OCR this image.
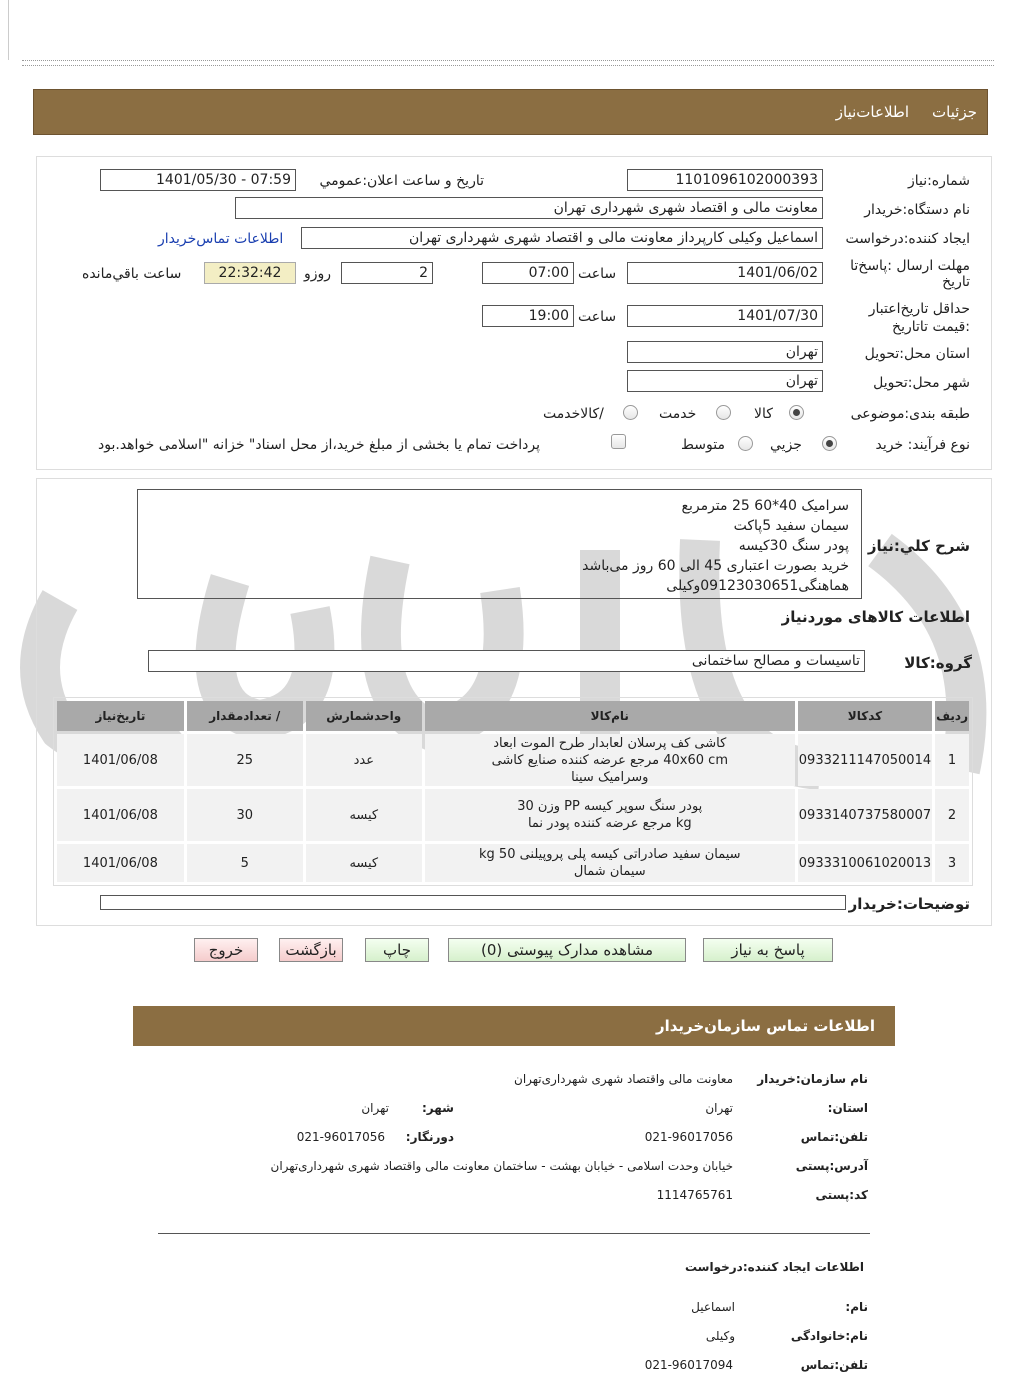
جزئیات
اطلاعات‌نیاز
شماره:نیاز
1101096102000393
تاریخ و ساعت اعلان:عمومي
1401/05/30 - 07:59
نام دستگاه:خریدار
معاونت مالی و اقتصاد شهری شهرداری تهران
ایجاد کننده:درخواست
اسماعیل وکیلی کارپرداز معاونت مالی و اقتصاد شهری شهرداری تهران
اطلاعات تماس‌خریدار
مهلت ارسال :پاسخ‌تا تاریخ
1401/06/02
ساعت
07:00
2
روزو
22:32:42
ساعت باقي‌مانده
حداقل تاریخ‌اعتبار :قیمت تا‌تاریخ
1401/07/30
ساعت
19:00
استان محل:تحویل
تهران
شهر محل:تحویل
تهران
طبقه بندی:موضوعی
كالا
خدمت
/كالاخدمت
نوع فرآیند: خرید
جزیي
متوسط
پرداخت تمام یا بخشی از مبلغ خرید،از محل اسناد" خزانه "اسلامی خواهد.بود
سرامیک 40*60 25 مترمربع
سیمان سفید 5پاکت
پودر سنگ 30کیسه
خرید بصورت اعتباری 45 الی 60 روز می‌باشد
هماهنگی09123030651وکیلی
شرح کلي:نیاز
اطلاعات کالاهای موردنیاز
گروه:کالا
تاسیسات و مصالح ساختمانی
ردیف	کدکالا	نام‌کالا	واحدشمارش	/ تعدادمقدار	تاریخ‌نیاز
1	0933211147050014	کاشی کف پرسلان لعابدار طرح الموت ابعاد 40x60 cm مرجع عرضه کننده صنایع کاشی وسرامیک سینا	عدد	25	1401/06/08
2	0933140737580007	پودر سنگ سوپر کیسه PP وزن 30 kg مرجع عرضه کننده پودر نما	کیسه	30	1401/06/08
3	0933310061020013	سیمان سفید صادراتی کیسه پلی پروپیلنی 50 kg سیمان شمال	کیسه	5	1401/06/08
توضیحات:خریدار
پاسخ به نیاز
مشاهده مدارک پیوستی (0)
چاپ
بازگشت
خروج
اطلاعات تماس سازمان‌خریدار
نام سازمان:خریدار
معاونت مالی واقتصاد شهری شهرداری‌تهران
استان:
تهران
شهر:
تهران
تلفن:تماس
021-96017056
دورنگار:
021-96017056
آدرس:پستی
خیابان وحدت اسلامی - خیابان بهشت - ساختمان معاونت مالی واقتصاد شهری شهرداری‌تهران
کد:پستی
1114765761
اطلاعات ایجاد کننده:درخواست
نام:
اسماعیل
نام:خانوادگی
وکیلی
تلفن:تماس
021-96017094
